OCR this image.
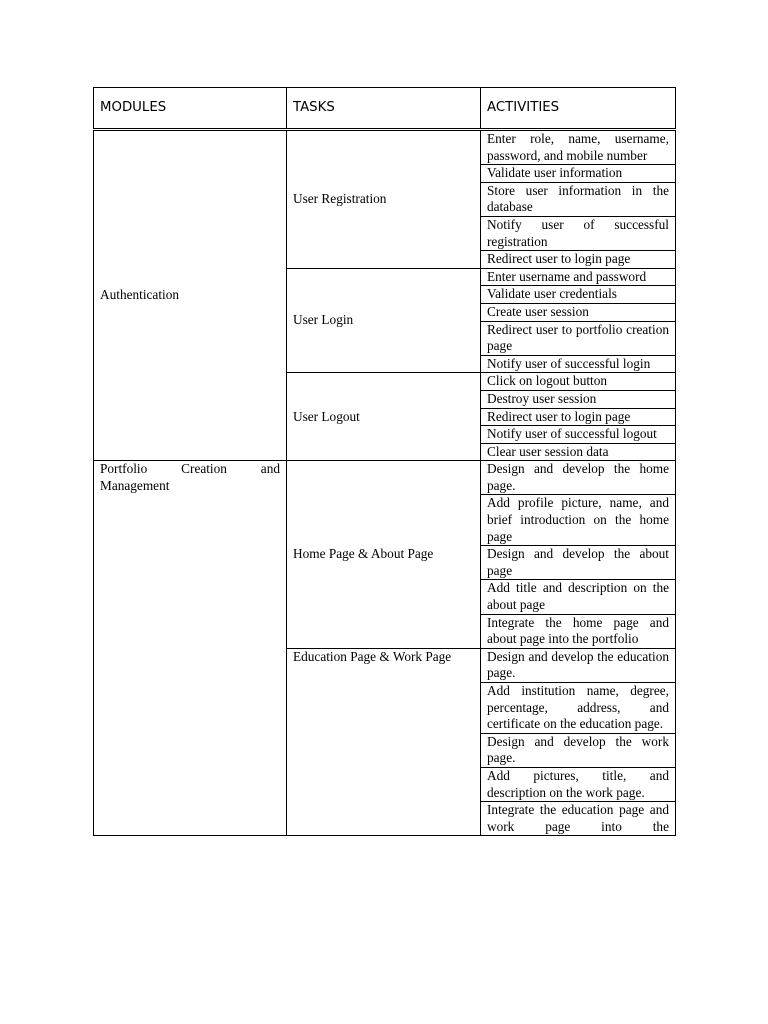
MODULES	TASKS	ACTIVITIES
Authentication	User Registration	Enter role, name, username, password, and mobile number
		Validate user information
		Store user information in the database
		Notify user of successful registration
		Redirect user to login page
	User Login	Enter username and password
		Validate user credentials
		Create user session
		Redirect user to portfolio creation page
		Notify user of successful login
	User Logout	Click on logout button
		Destroy user session
		Redirect user to login page
		Notify user of successful logout
		Clear user session data
Portfolio Creation and Management	Home Page & About Page	Design and develop the home page.
		Add profile picture, name, and brief introduction on the home page
		Design and develop the about page
		Add title and description on the about page
		Integrate the home page and about page into the portfolio
	Education Page & Work Page	Design and develop the education page.
		Add institution name, degree, percentage, address, and certificate on the education page.
		Design and develop the work page.
		Add pictures, title, and description on the work page.
		Integrate the education page and work page into the
